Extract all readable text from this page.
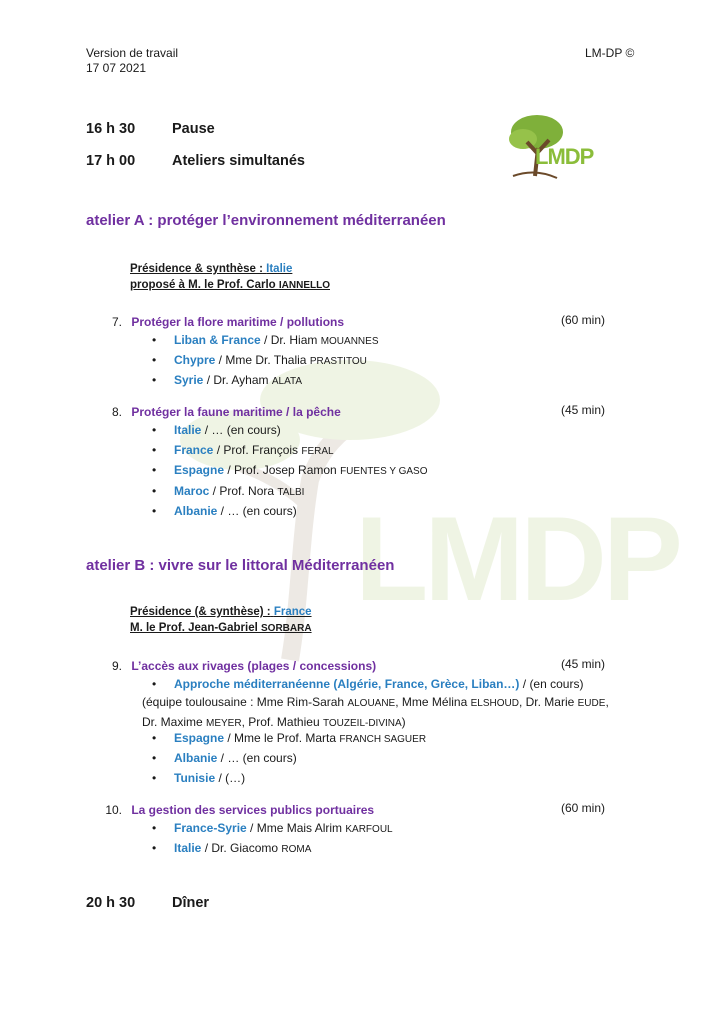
LMDP
Version de travail
17 07 2021
LM-DP ©
LMDP
16 h 30	Pause
17 h 00	Ateliers simultanés
atelier A : protéger l’environnement méditerranéen
Présidence & synthèse : Italie
proposé à M. le Prof. Carlo IANNELLO
7. Protéger la flore maritime / pollutions	(60 min)
• Liban & France / Dr. Hiam MOUANNES
• Chypre / Mme Dr. Thalia PRASTITOU
• Syrie / Dr. Ayham ALATA
8. Protéger la faune maritime / la pêche	(45 min)
• Italie / … (en cours)
• France / Prof. François FERAL
• Espagne / Prof. Josep Ramon FUENTES Y GASO
• Maroc / Prof. Nora TALBI
• Albanie / … (en cours)
atelier B : vivre sur le littoral Méditerranéen
Présidence (& synthèse) : France
M. le Prof. Jean-Gabriel SORBARA
9. L’accès aux rivages (plages / concessions)	(45 min)
• Approche méditerranéenne (Algérie, France, Grèce, Liban…) / (en cours)
(équipe toulousaine : Mme Rim-Sarah ALOUANE, Mme Mélina ELSHOUD, Dr. Marie EUDE,
Dr. Maxime MEYER, Prof. Mathieu TOUZEIL-DIVINA)
• Espagne / Mme le Prof. Marta FRANCH SAGUER
• Albanie / … (en cours)
• Tunisie / (…)
10. La gestion des services publics portuaires	(60 min)
• France-Syrie / Mme Mais Alrim KARFOUL
• Italie / Dr. Giacomo ROMA
20 h 30	Dîner
